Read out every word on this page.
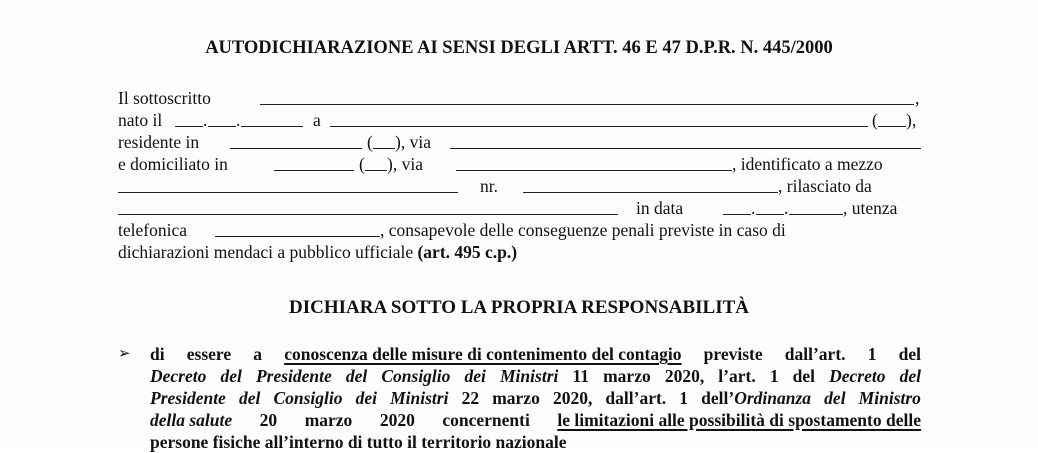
AUTODICHIARAZIONE AI SENSI DEGLI ARTT. 46 E 47 D.P.R. N. 445/2000
Il sottoscritto	,
nato il . .	a	( ),
residente in	( ), via
e domiciliato in	( ), via	, identificato a mezzo
nr.	, rilasciato da
in data	. .	, utenza
telefonica	, consapevole delle conseguenze penali previste in caso di
dichiarazioni mendaci a pubblico ufficiale (art. 495 c.p.)
DICHIARA SOTTO LA PROPRIA RESPONSABILITÀ
➢ di essere a conoscenza delle misure di contenimento del contagio previste dall’art. 1 del
Decreto del Presidente del Consiglio dei Ministri 11 marzo 2020, l’art. 1 del Decreto del
Presidente del Consiglio dei Ministri 22 marzo 2020, dall’art. 1 dell’Ordinanza del Ministro
della salute 20 marzo 2020 concernenti le limitazioni alle possibilità di spostamento delle
persone fisiche all’interno di tutto il territorio nazionale
